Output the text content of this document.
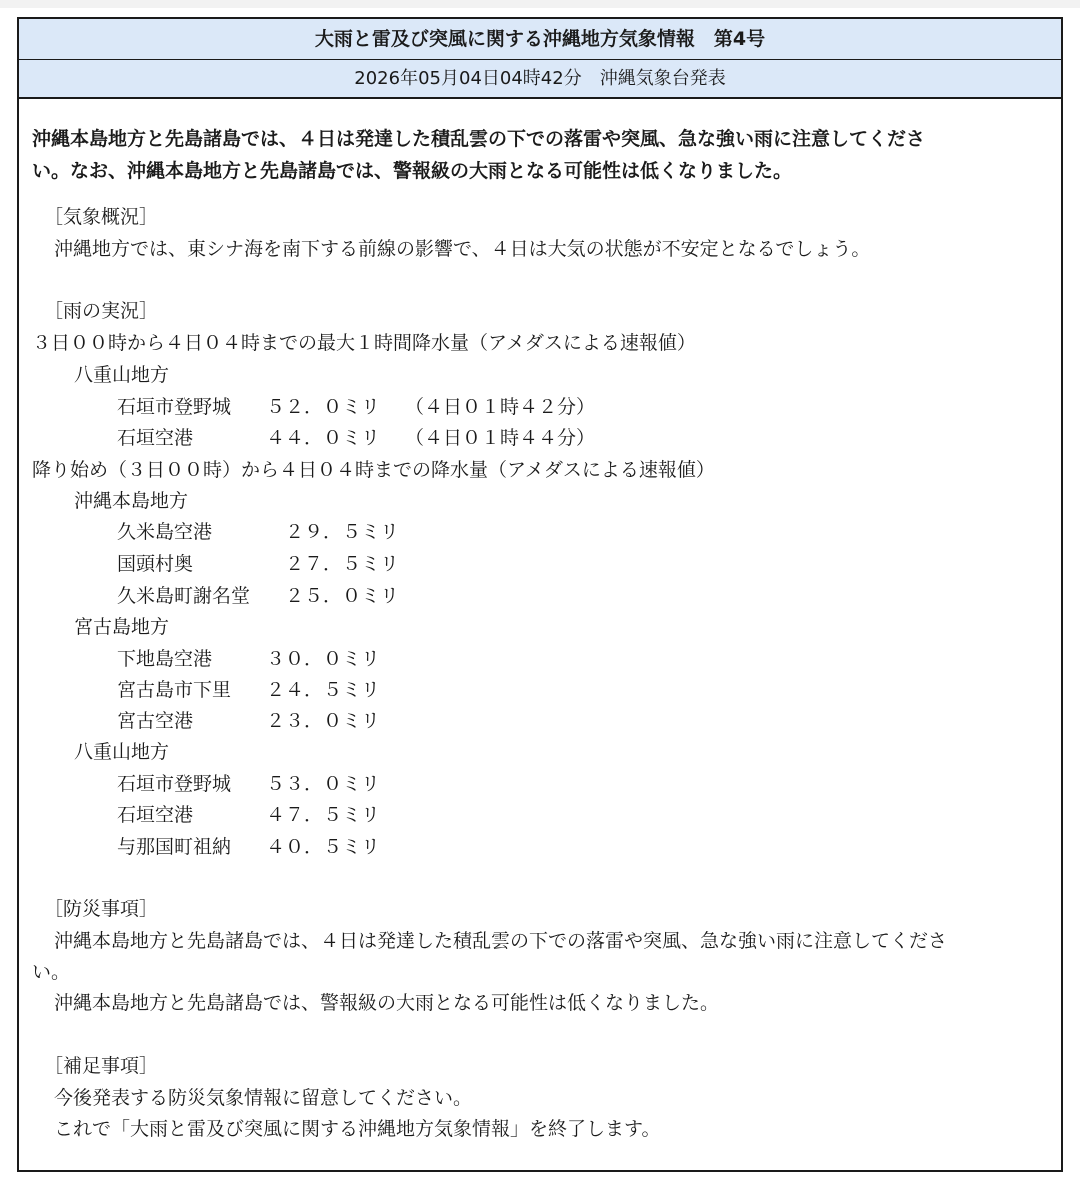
大雨と雷及び突風に関する沖縄地方気象情報　第4号
2026年05月04日04時42分　沖縄気象台発表
沖縄本島地方と先島諸島では、４日は発達した積乱雲の下での落雷や突風、急な強い雨に注意してくださ
い。なお、沖縄本島地方と先島諸島では、警報級の大雨となる可能性は低くなりました。
［気象概況］
沖縄地方では、東シナ海を南下する前線の影響で、４日は大気の状態が不安定となるでしょう。
［雨の実況］
３日００時から４日０４時までの最大１時間降水量（アメダスによる速報値）
八重山地方
石垣市登野城 ５２．０ミリ （４日０１時４２分）
石垣空港	４４．０ミリ （４日０１時４４分）
降り始め（３日００時）から４日０４時までの降水量（アメダスによる速報値）
沖縄本島地方
久米島空港	２９．５ミリ
国頭村奥	２７．５ミリ
久米島町謝名堂 ２５．０ミリ
宮古島地方
下地島空港	３０．０ミリ
宮古島市下里 ２４．５ミリ
宮古空港	２３．０ミリ
八重山地方
石垣市登野城 ５３．０ミリ
石垣空港	４７．５ミリ
与那国町祖納 ４０．５ミリ
［防災事項］
沖縄本島地方と先島諸島では、４日は発達した積乱雲の下での落雷や突風、急な強い雨に注意してくださ
い。
沖縄本島地方と先島諸島では、警報級の大雨となる可能性は低くなりました。
［補足事項］
今後発表する防災気象情報に留意してください。
これで「大雨と雷及び突風に関する沖縄地方気象情報」を終了します。
